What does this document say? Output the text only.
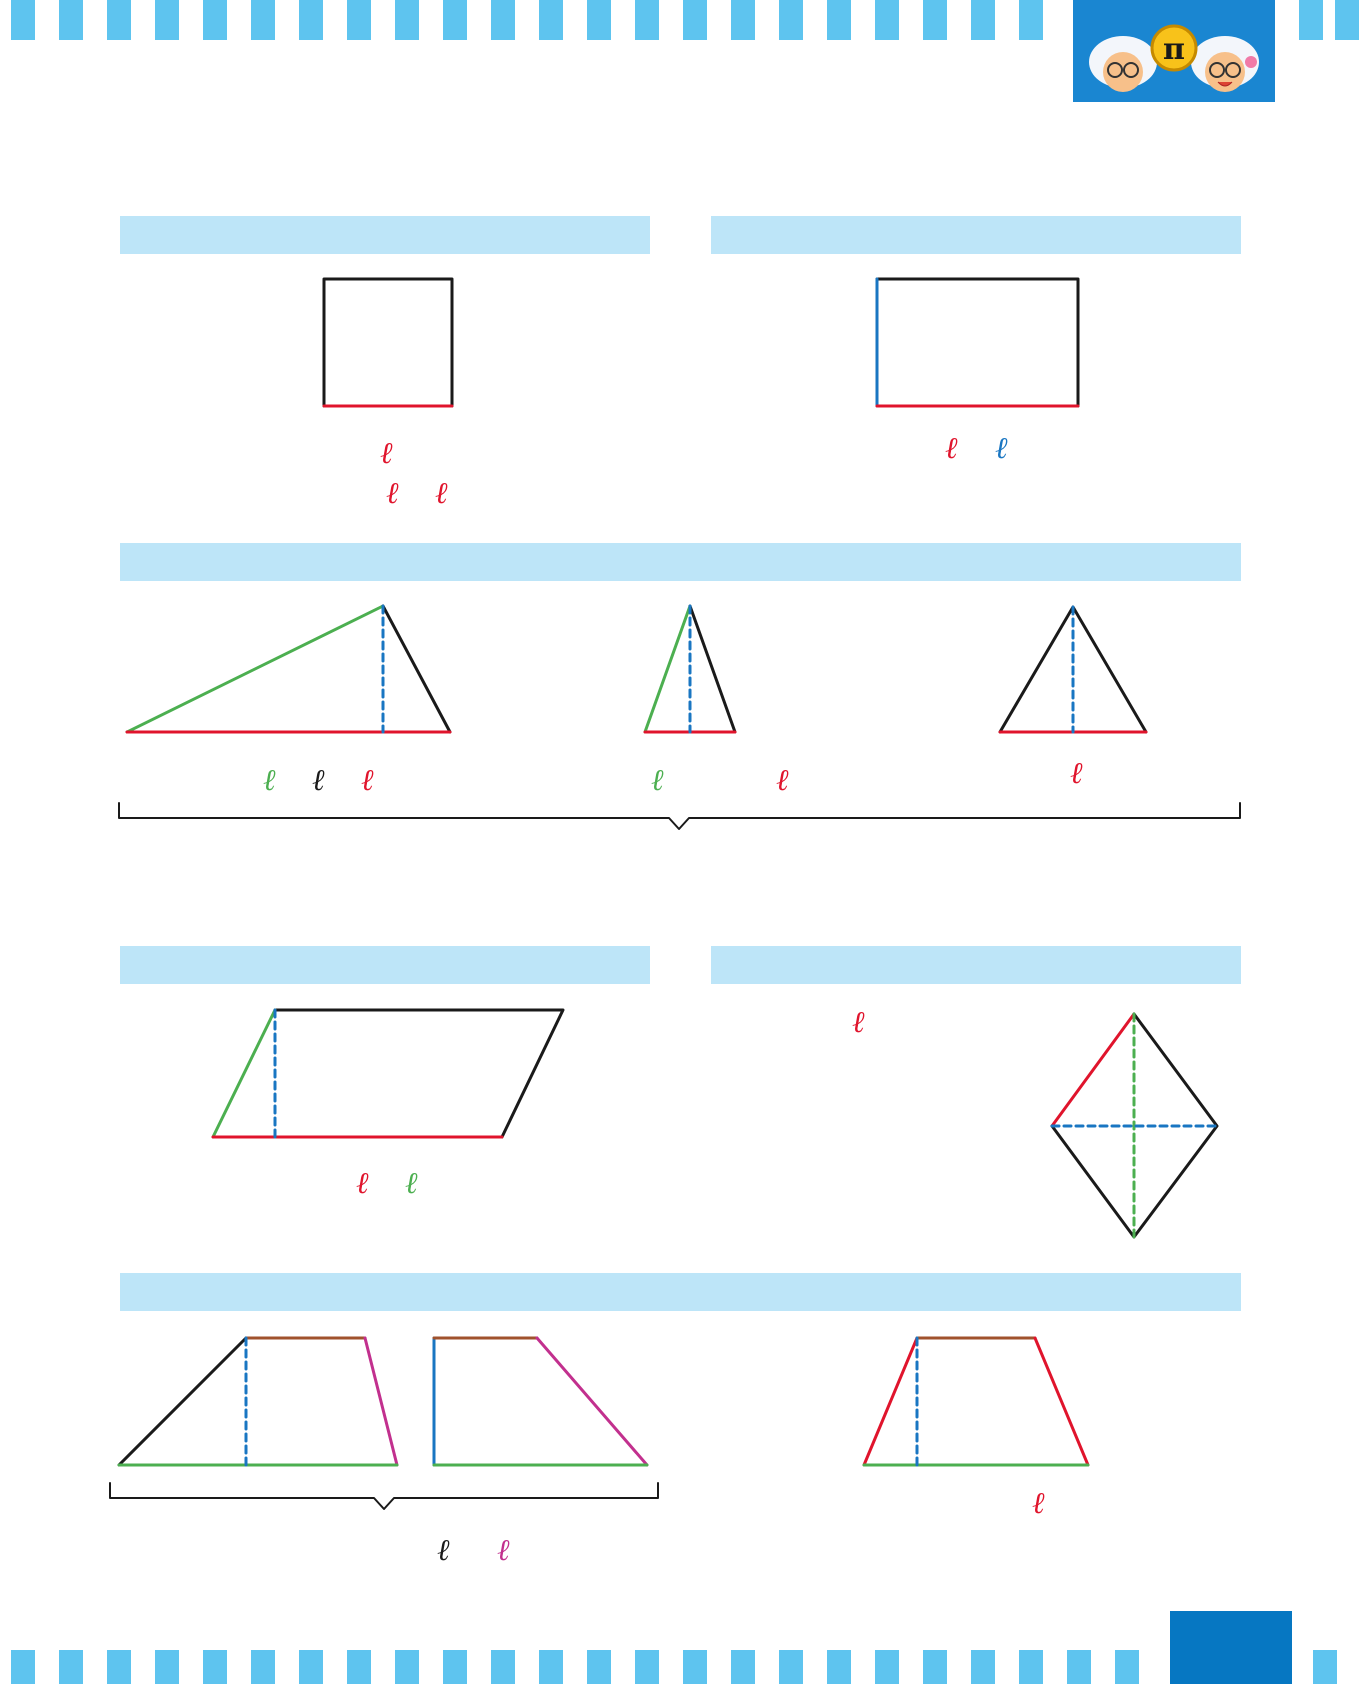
π
ℓ
ℓ ℓ
ℓ ℓ
ℓ ℓ ℓ	ℓ	ℓ	ℓ
ℓ ℓ
ℓ
ℓ ℓ
ℓ
